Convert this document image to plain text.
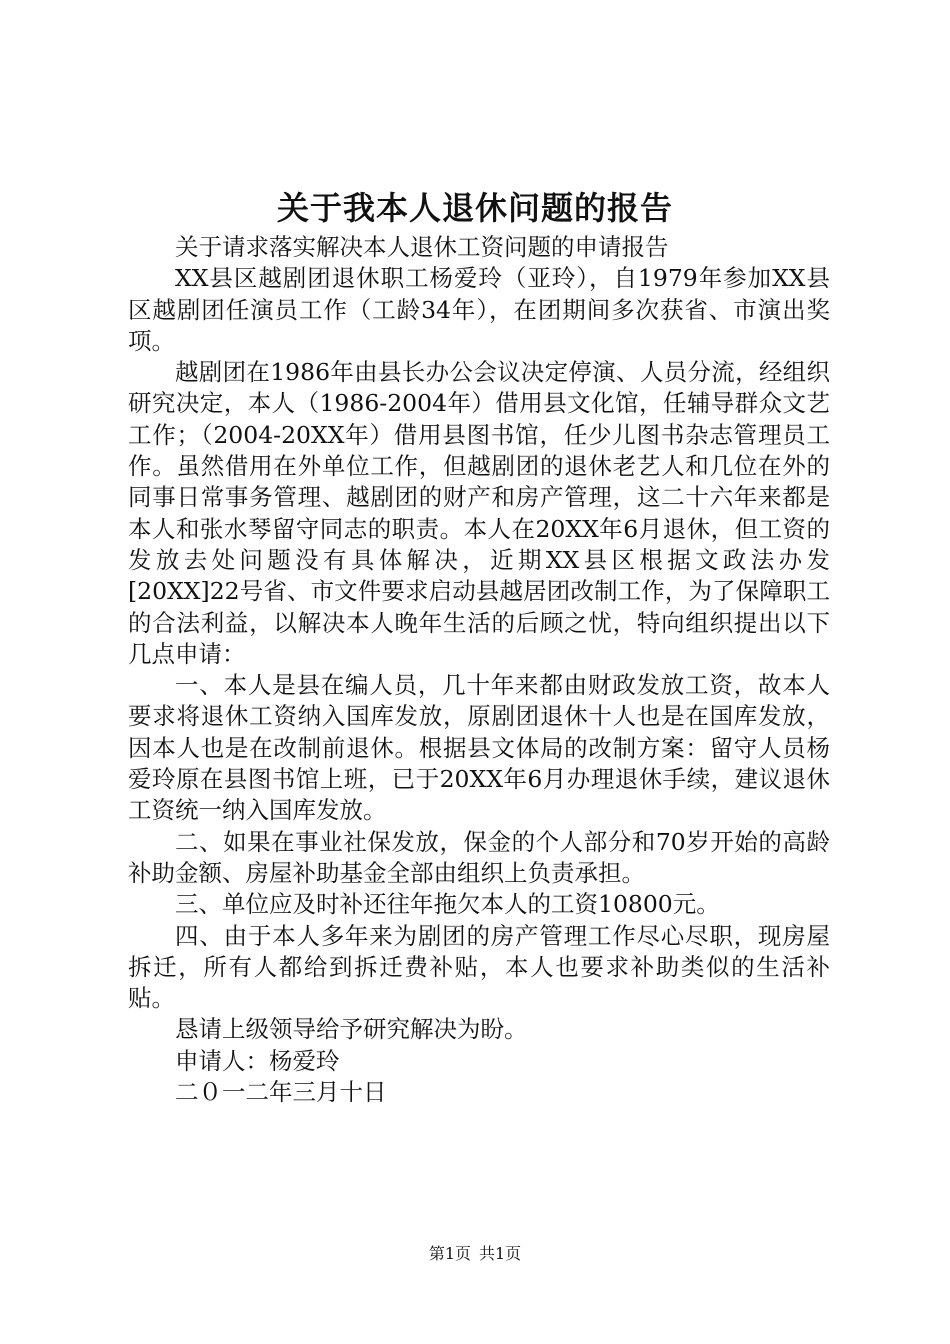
关于我本人退休问题的报告

关于请求落实解决本人退休工资问题的申请报告

XX县区越剧团退休职工杨爱玲（亚玲），自1979年参加XX县区越剧团任演员工作（工龄34年），在团期间多次获省、市演出奖项。

越剧团在1986年由县长办公会议决定停演、人员分流，经组织研究决定，本人（1986-2004年）借用县文化馆，任辅导群众文艺工作；（2004-20XX年）借用县图书馆，任少儿图书杂志管理员工作。虽然借用在外单位工作，但越剧团的退休老艺人和几位在外的同事日常事务管理、越剧团的财产和房产管理，这二十六年来都是本人和张水琴留守同志的职责。本人在20XX年6月退休，但工资的发放去处问题没有具体解决，近期XX县区根据文政法办发[20XX]22号省、市文件要求启动县越居团改制工作，为了保障职工的合法利益，以解决本人晚年生活的后顾之忧，特向组织提出以下几点申请：

一、本人是县在编人员，几十年来都由财政发放工资，故本人要求将退休工资纳入国库发放，原剧团退休十人也是在国库发放，因本人也是在改制前退休。根据县文体局的改制方案：留守人员杨爱玲原在县图书馆上班，已于20XX年6月办理退休手续，建议退休工资统一纳入国库发放。

二、如果在事业社保发放，保金的个人部分和70岁开始的高龄补助金额、房屋补助基金全部由组织上负责承担。

三、单位应及时补还往年拖欠本人的工资10800元。

四、由于本人多年来为剧团的房产管理工作尽心尽职，现房屋拆迁，所有人都给到拆迁费补贴，本人也要求补助类似的生活补贴。

恳请上级领导给予研究解决为盼。

申请人：杨爱玲

二０一二年三月十日

第1页 共1页
